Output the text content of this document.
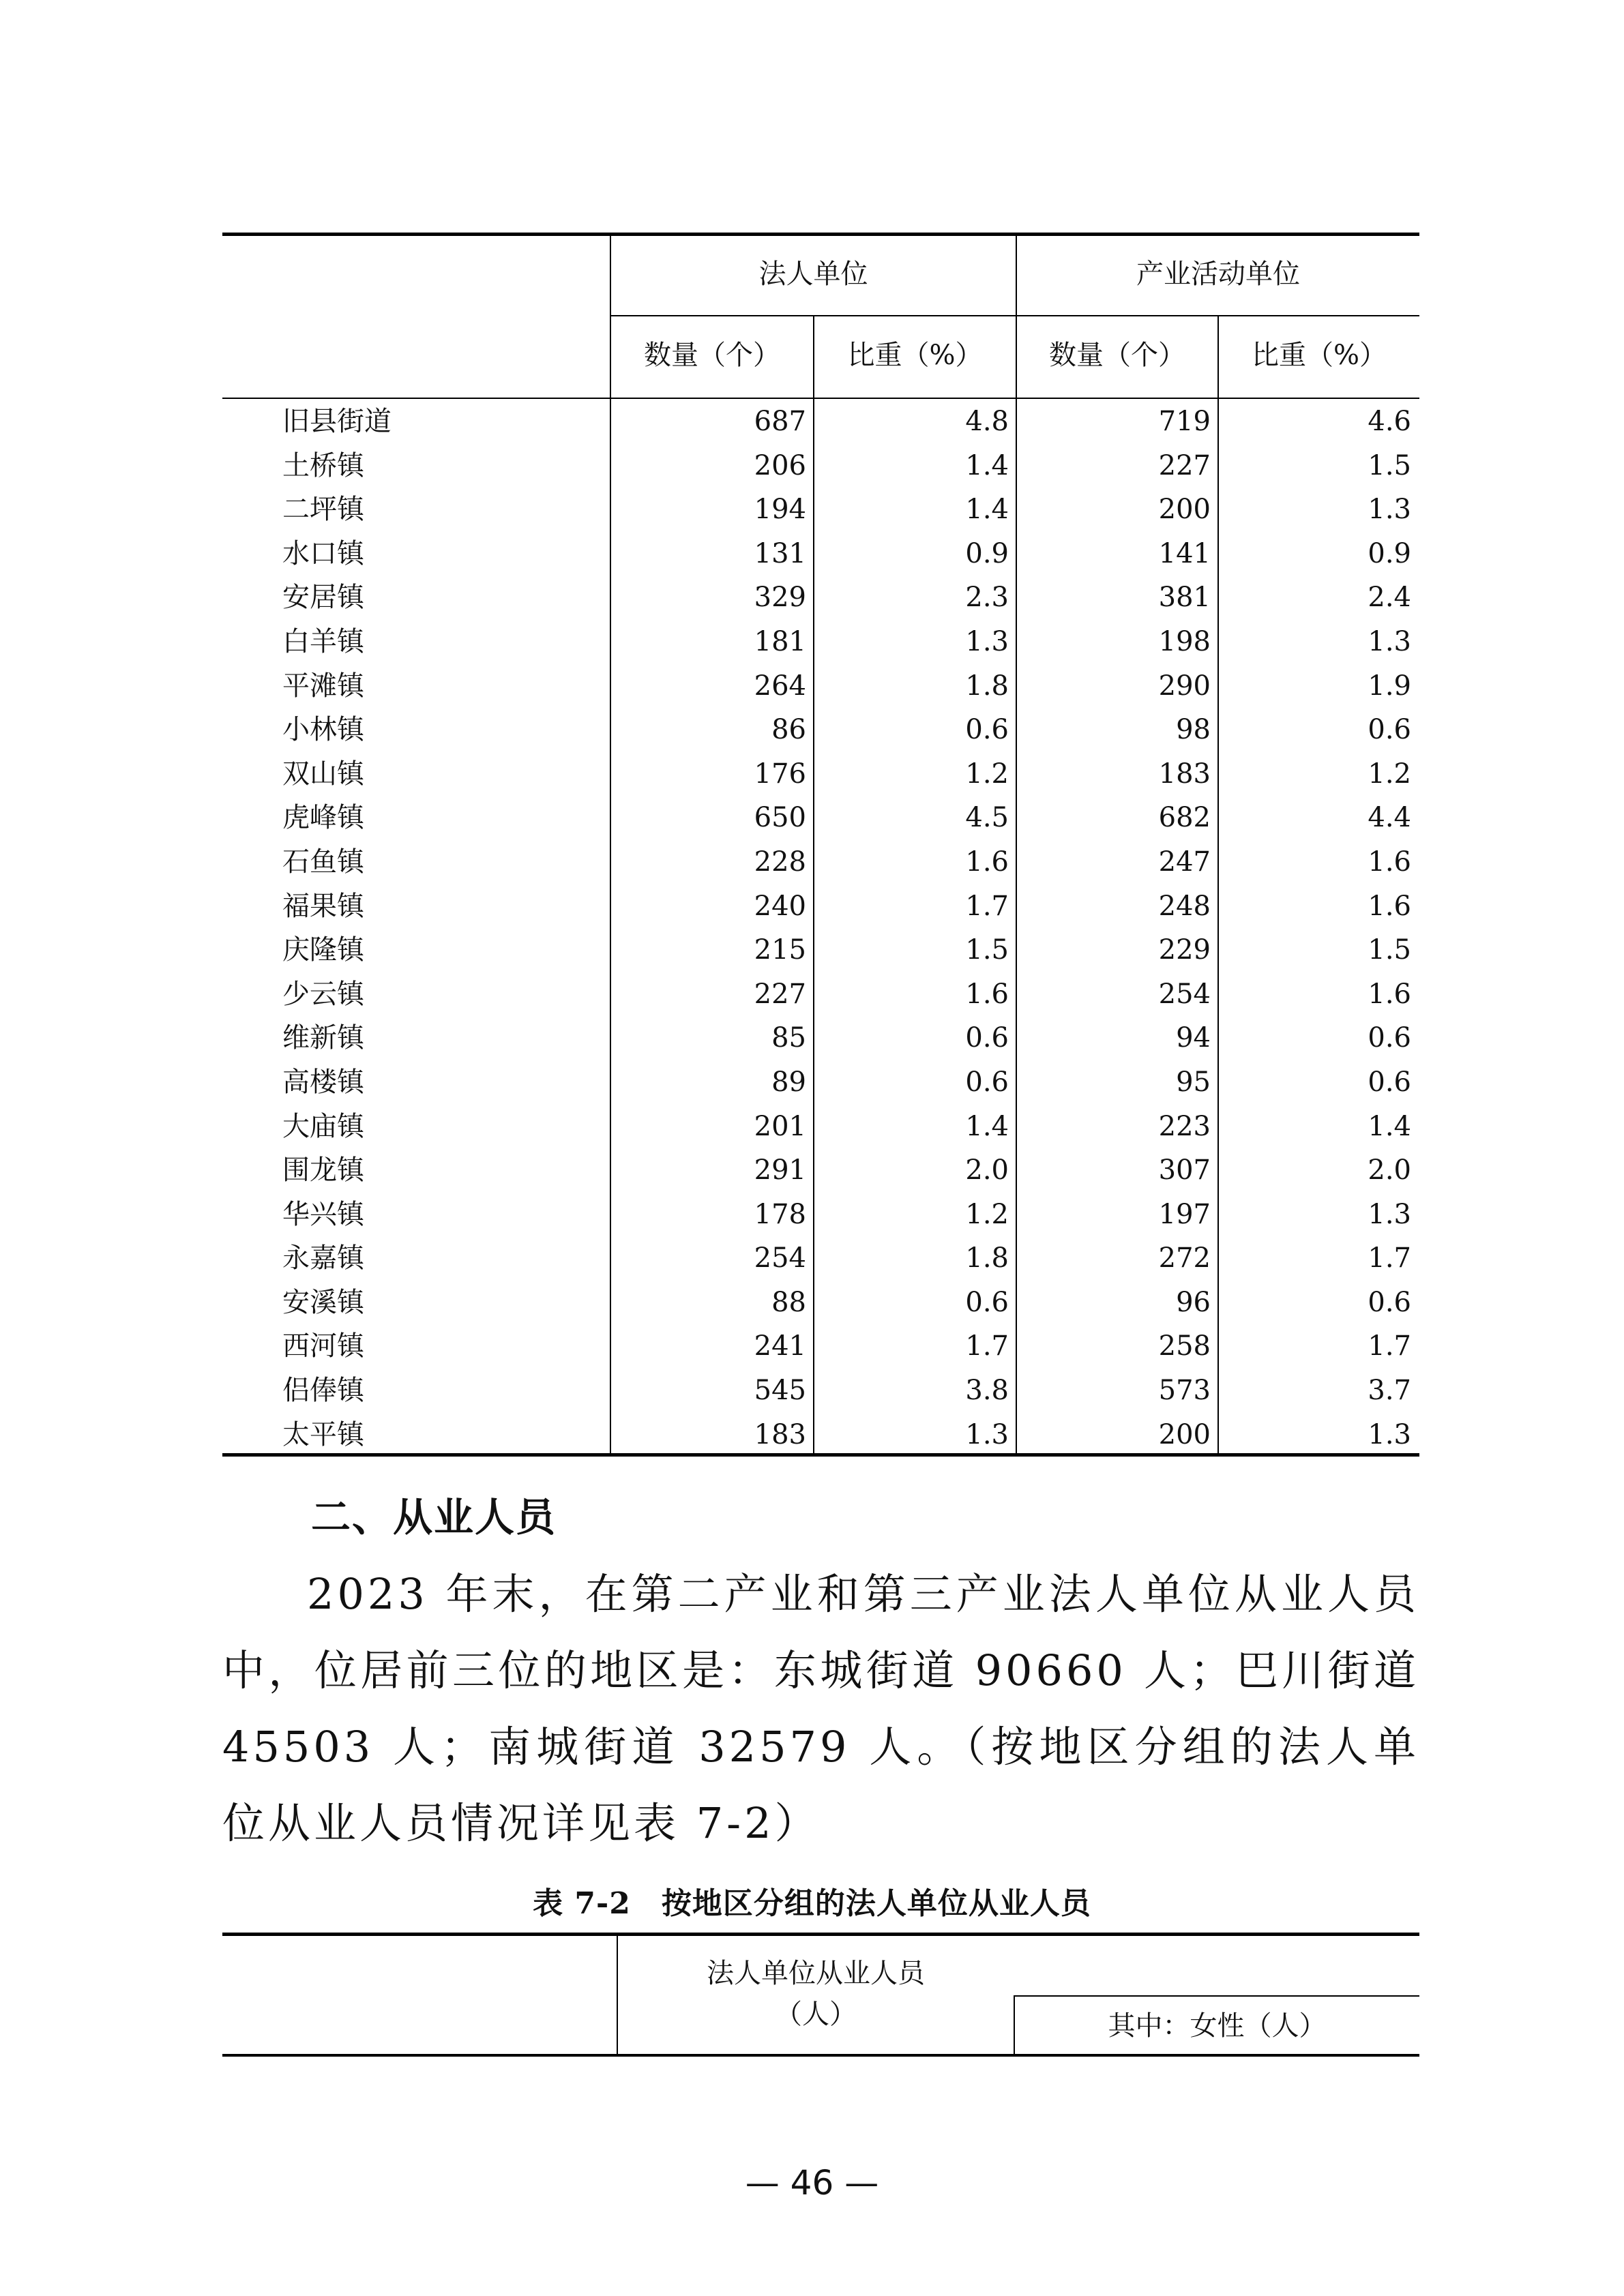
法人单位	产业活动单位
数量（个）	比重（%）	数量（个）	比重（%）
旧县街道	687	4.8	719	4.6
土桥镇	206	1.4	227	1.5
二坪镇	194	1.4	200	1.3
水口镇	131	0.9	141	0.9
安居镇	329	2.3	381	2.4
白羊镇	181	1.3	198	1.3
平滩镇	264	1.8	290	1.9
小林镇	86	0.6	98	0.6
双山镇	176	1.2	183	1.2
虎峰镇	650	4.5	682	4.4
石鱼镇	228	1.6	247	1.6
福果镇	240	1.7	248	1.6
庆隆镇	215	1.5	229	1.5
少云镇	227	1.6	254	1.6
维新镇	85	0.6	94	0.6
高楼镇	89	0.6	95	0.6
大庙镇	201	1.4	223	1.4
围龙镇	291	2.0	307	2.0
华兴镇	178	1.2	197	1.3
永嘉镇	254	1.8	272	1.7
安溪镇	88	0.6	96	0.6
西河镇	241	1.7	258	1.7
侣俸镇	545	3.8	573	3.7
太平镇	183	1.3	200	1.3
二、从业人员
2023 年末，在第二产业和第三产业法人单位从业人员中，位居前三位的地区是：东城街道 90660 人；巴川街道 45503 人；南城街道 32579 人。（按地区分组的法人单位从业人员情况详见表 7-2）
表 7-2　按地区分组的法人单位从业人员
法人单位从业人员
（人）	其中：女性（人）
— 46 —
